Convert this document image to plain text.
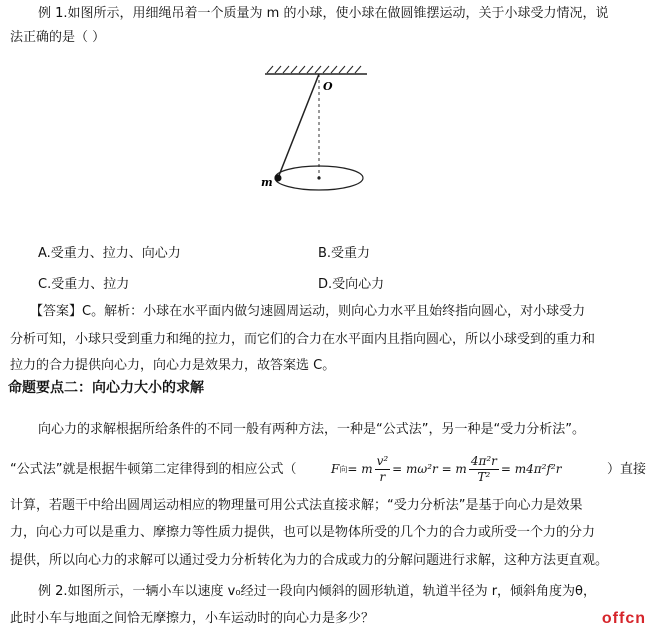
例 1.如图所示，用细绳吊着一个质量为 m 的小球，使小球在做圆锥摆运动，关于小球受力情况，说
法正确的是（ ）
O
m
A.受重力、拉力、向心力	B.受重力
C.受重力、拉力	D.受向心力
【答案】C。解析：小球在水平面内做匀速圆周运动，则向心力水平且始终指向圆心，对小球受力
分析可知，小球只受到重力和绳的拉力，而它们的合力在水平面内且指向圆心，所以小球受到的重力和
拉力的合力提供向心力，向心力是效果力，故答案选 C。
命题要点二：向心力大小的求解
向心力的求解根据所给条件的不同一般有两种方法，一种是“公式法”，另一种是“受力分析法”。
“公式法”就是根据牛顿第二定律得到的相应公式（	F 向 = m $\frac{\text{v²}}{r} = m\omega^2r = m \frac{\text{4π²r}}{\text{T²}} = m4\pi^2f^2r$	）直接
计算，若题干中给出圆周运动相应的物理量可用公式法直接求解；“受力分析法”是基于向心力是效果
力，向心力可以是重力、摩擦力等性质力提供，也可以是物体所受的几个力的合力或所受一个力的分力
提供，所以向心力的求解可以通过受力分析转化为力的合成或力的分解问题进行求解，这种方法更直观。
例 2.如图所示，一辆小车以速度 v₀经过一段向内倾斜的圆形轨道，轨道半径为 r，倾斜角度为θ，
此时小车与地面之间恰无摩擦力，小车运动时的向心力是多少？	offcn
